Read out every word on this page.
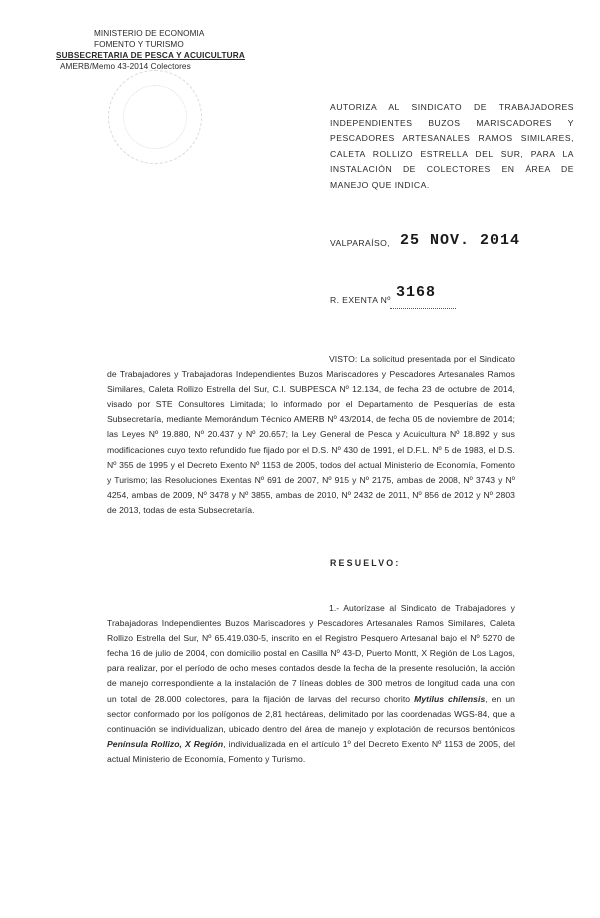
MINISTERIO DE ECONOMIA
FOMENTO Y TURISMO
SUBSECRETARIA DE PESCA Y ACUICULTURA
AMERB/Memo 43-2014 Colectores
AUTORIZA AL SINDICATO DE TRABAJADORES INDEPENDIENTES BUZOS MARISCADORES Y PESCADORES ARTESANALES RAMOS SIMILARES, CALETA ROLLIZO ESTRELLA DEL SUR, PARA LA INSTALACIÓN DE COLECTORES EN ÁREA DE MANEJO QUE INDICA.
VALPARAÍSO, 25 NOV. 2014
R. EXENTA Nº 3168
VISTO: La solicitud presentada por el Sindicato de Trabajadores y Trabajadoras Independientes Buzos Mariscadores y Pescadores Artesanales Ramos Similares, Caleta Rollizo Estrella del Sur, C.I. SUBPESCA Nº 12.134, de fecha 23 de octubre de 2014, visado por STE Consultores Limitada; lo informado por el Departamento de Pesquerías de esta Subsecretaría, mediante Memorándum Técnico AMERB Nº 43/2014, de fecha 05 de noviembre de 2014; las Leyes Nº 19.880, Nº 20.437 y Nº 20.657; la Ley General de Pesca y Acuicultura Nº 18.892 y sus modificaciones cuyo texto refundido fue fijado por el D.S. Nº 430 de 1991, el D.F.L. Nº 5 de 1983, el D.S. Nº 355 de 1995 y el Decreto Exento Nº 1153 de 2005, todos del actual Ministerio de Economía, Fomento y Turismo; las Resoluciones Exentas Nº 691 de 2007, Nº 915 y Nº 2175, ambas de 2008, Nº 3743 y Nº 4254, ambas de 2009, Nº 3478 y Nº 3855, ambas de 2010, Nº 2432 de 2011, Nº 856 de 2012 y Nº 2803 de 2013, todas de esta Subsecretaría.
RESUELVO:
1.- Autorízase al Sindicato de Trabajadores y Trabajadoras Independientes Buzos Mariscadores y Pescadores Artesanales Ramos Similares, Caleta Rollizo Estrella del Sur, Nº 65.419.030-5, inscrito en el Registro Pesquero Artesanal bajo el Nº 5270 de fecha 16 de julio de 2004, con domicilio postal en Casilla Nº 43-D, Puerto Montt, X Región de Los Lagos, para realizar, por el período de ocho meses contados desde la fecha de la presente resolución, la acción de manejo correspondiente a la instalación de 7 líneas dobles de 300 metros de longitud cada una con un total de 28.000 colectores, para la fijación de larvas del recurso chorito Mytilus chilensis, en un sector conformado por los polígonos de 2,81 hectáreas, delimitado por las coordenadas WGS-84, que a continuación se individualizan, ubicado dentro del área de manejo y explotación de recursos bentónicos Península Rollizo, X Región, individualizada en el artículo 1º del Decreto Exento Nº 1153 de 2005, del actual Ministerio de Economía, Fomento y Turismo.
